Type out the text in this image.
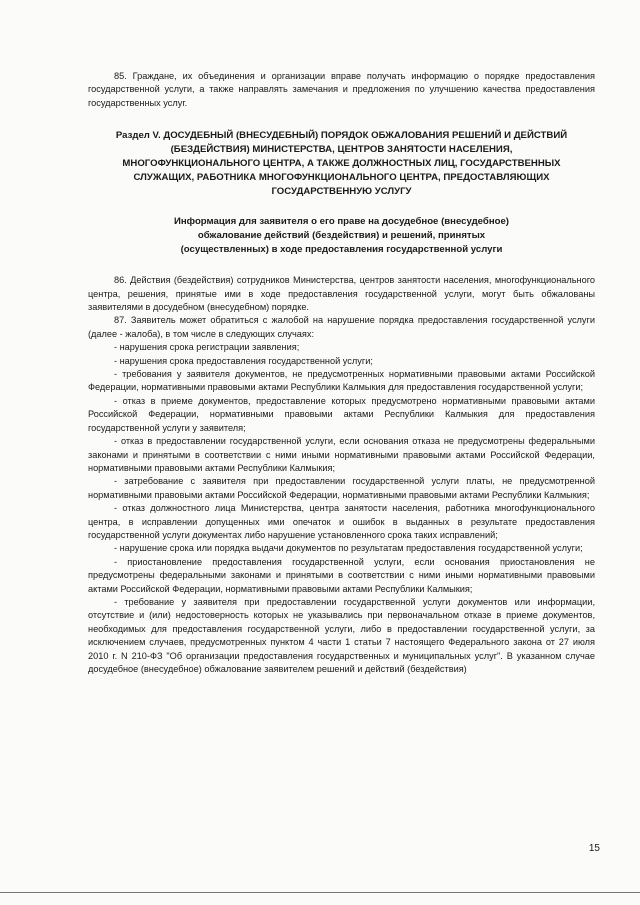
85. Граждане, их объединения и организации вправе получать информацию о порядке предоставления государственной услуги, а также направлять замечания и предложения по улучшению качества предоставления государственных услуг.

Раздел V. ДОСУДЕБНЫЙ (ВНЕСУДЕБНЫЙ) ПОРЯДОК ОБЖАЛОВАНИЯ РЕШЕНИЙ И ДЕЙСТВИЙ (БЕЗДЕЙСТВИЯ) МИНИСТЕРСТВА, ЦЕНТРОВ ЗАНЯТОСТИ НАСЕЛЕНИЯ, МНОГОФУНКЦИОНАЛЬНОГО ЦЕНТРА, А ТАКЖЕ ДОЛЖНОСТНЫХ ЛИЦ, ГОСУДАРСТВЕННЫХ СЛУЖАЩИХ, РАБОТНИКА МНОГОФУНКЦИОНАЛЬНОГО ЦЕНТРА, ПРЕДОСТАВЛЯЮЩИХ ГОСУДАРСТВЕННУЮ УСЛУГУ

Информация для заявителя о его праве на досудебное (внесудебное) обжалование действий (бездействия) и решений, принятых (осуществленных) в ходе предоставления государственной услуги

86. Действия (бездействия) сотрудников Министерства, центров занятости населения, многофункционального центра, решения, принятые ими в ходе предоставления государственной услуги, могут быть обжалованы заявителями в досудебном (внесудебном) порядке.

87. Заявитель может обратиться с жалобой на нарушение порядка предоставления государственной услуги (далее - жалоба), в том числе в следующих случаях:

- нарушения срока регистрации заявления;

- нарушения срока предоставления государственной услуги;

- требования у заявителя документов, не предусмотренных нормативными правовыми актами Российской Федерации, нормативными правовыми актами Республики Калмыкия для предоставления государственной услуги;

- отказ в приеме документов, предоставление которых предусмотрено нормативными правовыми актами Российской Федерации, нормативными правовыми актами Республики Калмыкия для предоставления государственной услуги у заявителя;

- отказ в предоставлении государственной услуги, если основания отказа не предусмотрены федеральными законами и принятыми в соответствии с ними иными нормативными правовыми актами Российской Федерации, нормативными правовыми актами Республики Калмыкия;

- затребование с заявителя при предоставлении государственной услуги платы, не предусмотренной нормативными правовыми актами Российской Федерации, нормативными правовыми актами Республики Калмыкия;

- отказ должностного лица Министерства, центра занятости населения, работника многофункционального центра, в исправлении допущенных ими опечаток и ошибок в выданных в результате предоставления государственной услуги документах либо нарушение установленного срока таких исправлений;

- нарушение срока или порядка выдачи документов по результатам предоставления государственной услуги;

- приостановление предоставления государственной услуги, если основания приостановления не предусмотрены федеральными законами и принятыми в соответствии с ними иными нормативными правовыми актами Российской Федерации, нормативными правовыми актами Республики Калмыкия;

- требование у заявителя при предоставлении государственной услуги документов или информации, отсутствие и (или) недостоверность которых не указывались при первоначальном отказе в приеме документов, необходимых для предоставления государственной услуги, либо в предоставлении государственной услуги, за исключением случаев, предусмотренных пунктом 4 части 1 статьи 7 настоящего Федерального закона от 27 июля 2010 г. N 210-ФЗ "Об организации предоставления государственных и муниципальных услуг". В указанном случае досудебное (внесудебное) обжалование заявителем решений и действий (бездействия)

15
